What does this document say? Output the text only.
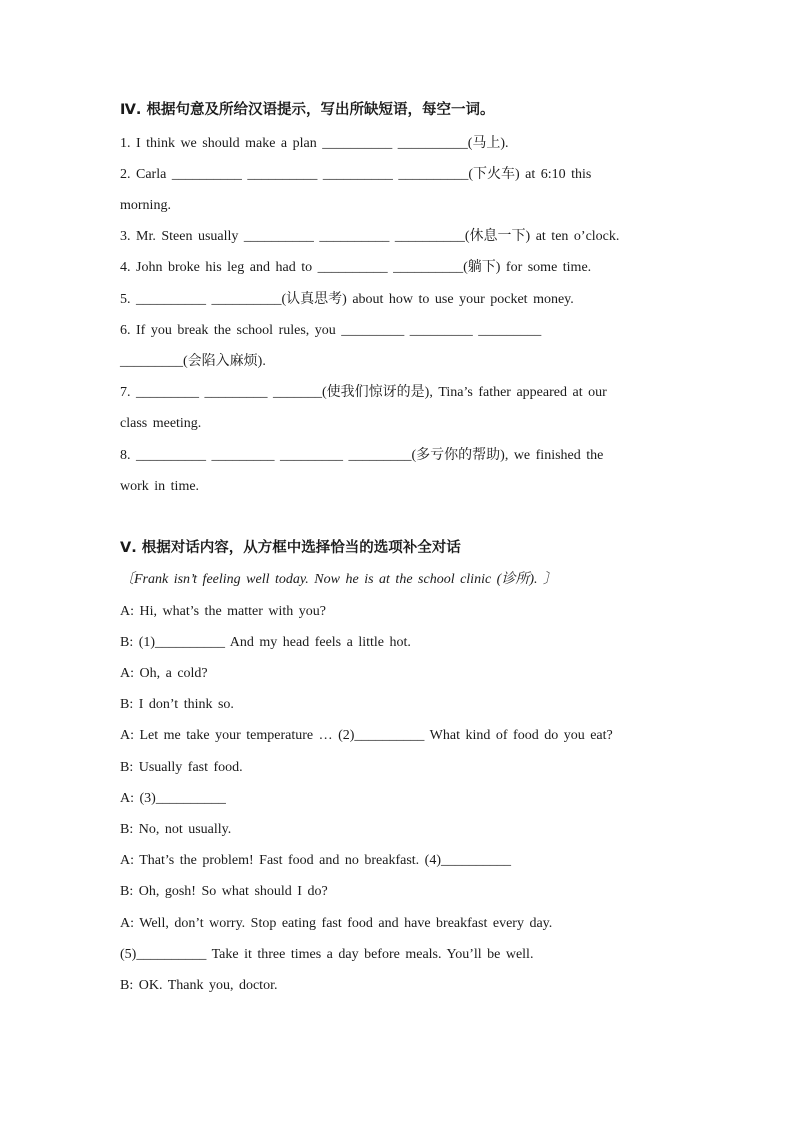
Ⅳ. 根据句意及所给汉语提示，写出所缺短语，每空一词。
1. I think we should make a plan __________ __________(马上).
2. Carla __________ __________ __________ __________(下火车) at 6:10 this
morning.
3. Mr. Steen usually __________ __________ __________(休息一下) at ten o’clock.
4. John broke his leg and had to __________ __________(躺下) for some time.
5. __________ __________(认真思考) about how to use your pocket money.
6. If you break the school rules, you _________ _________ _________
_________(会陷入麻烦).
7. _________ _________ _______(使我们惊讶的是), Tina’s father appeared at our
class meeting.
8. __________ _________ _________ _________(多亏你的帮助), we finished the
work in time.
Ⅴ. 根据对话内容，从方框中选择恰当的选项补全对话
〔Frank isn’t feeling well today. Now he is at the school clinic (诊所). 〕
A: Hi, what’s the matter with you?
B: (1)__________ And my head feels a little hot.
A: Oh, a cold?
B: I don’t think so.
A: Let me take your temperature … (2)__________ What kind of food do you eat?
B: Usually fast food.
A: (3)__________
B: No, not usually.
A: That’s the problem! Fast food and no breakfast. (4)__________
B: Oh, gosh! So what should I do?
A: Well, don’t worry. Stop eating fast food and have breakfast every day.
(5)__________ Take it three times a day before meals. You’ll be well.
B: OK. Thank you, doctor.
